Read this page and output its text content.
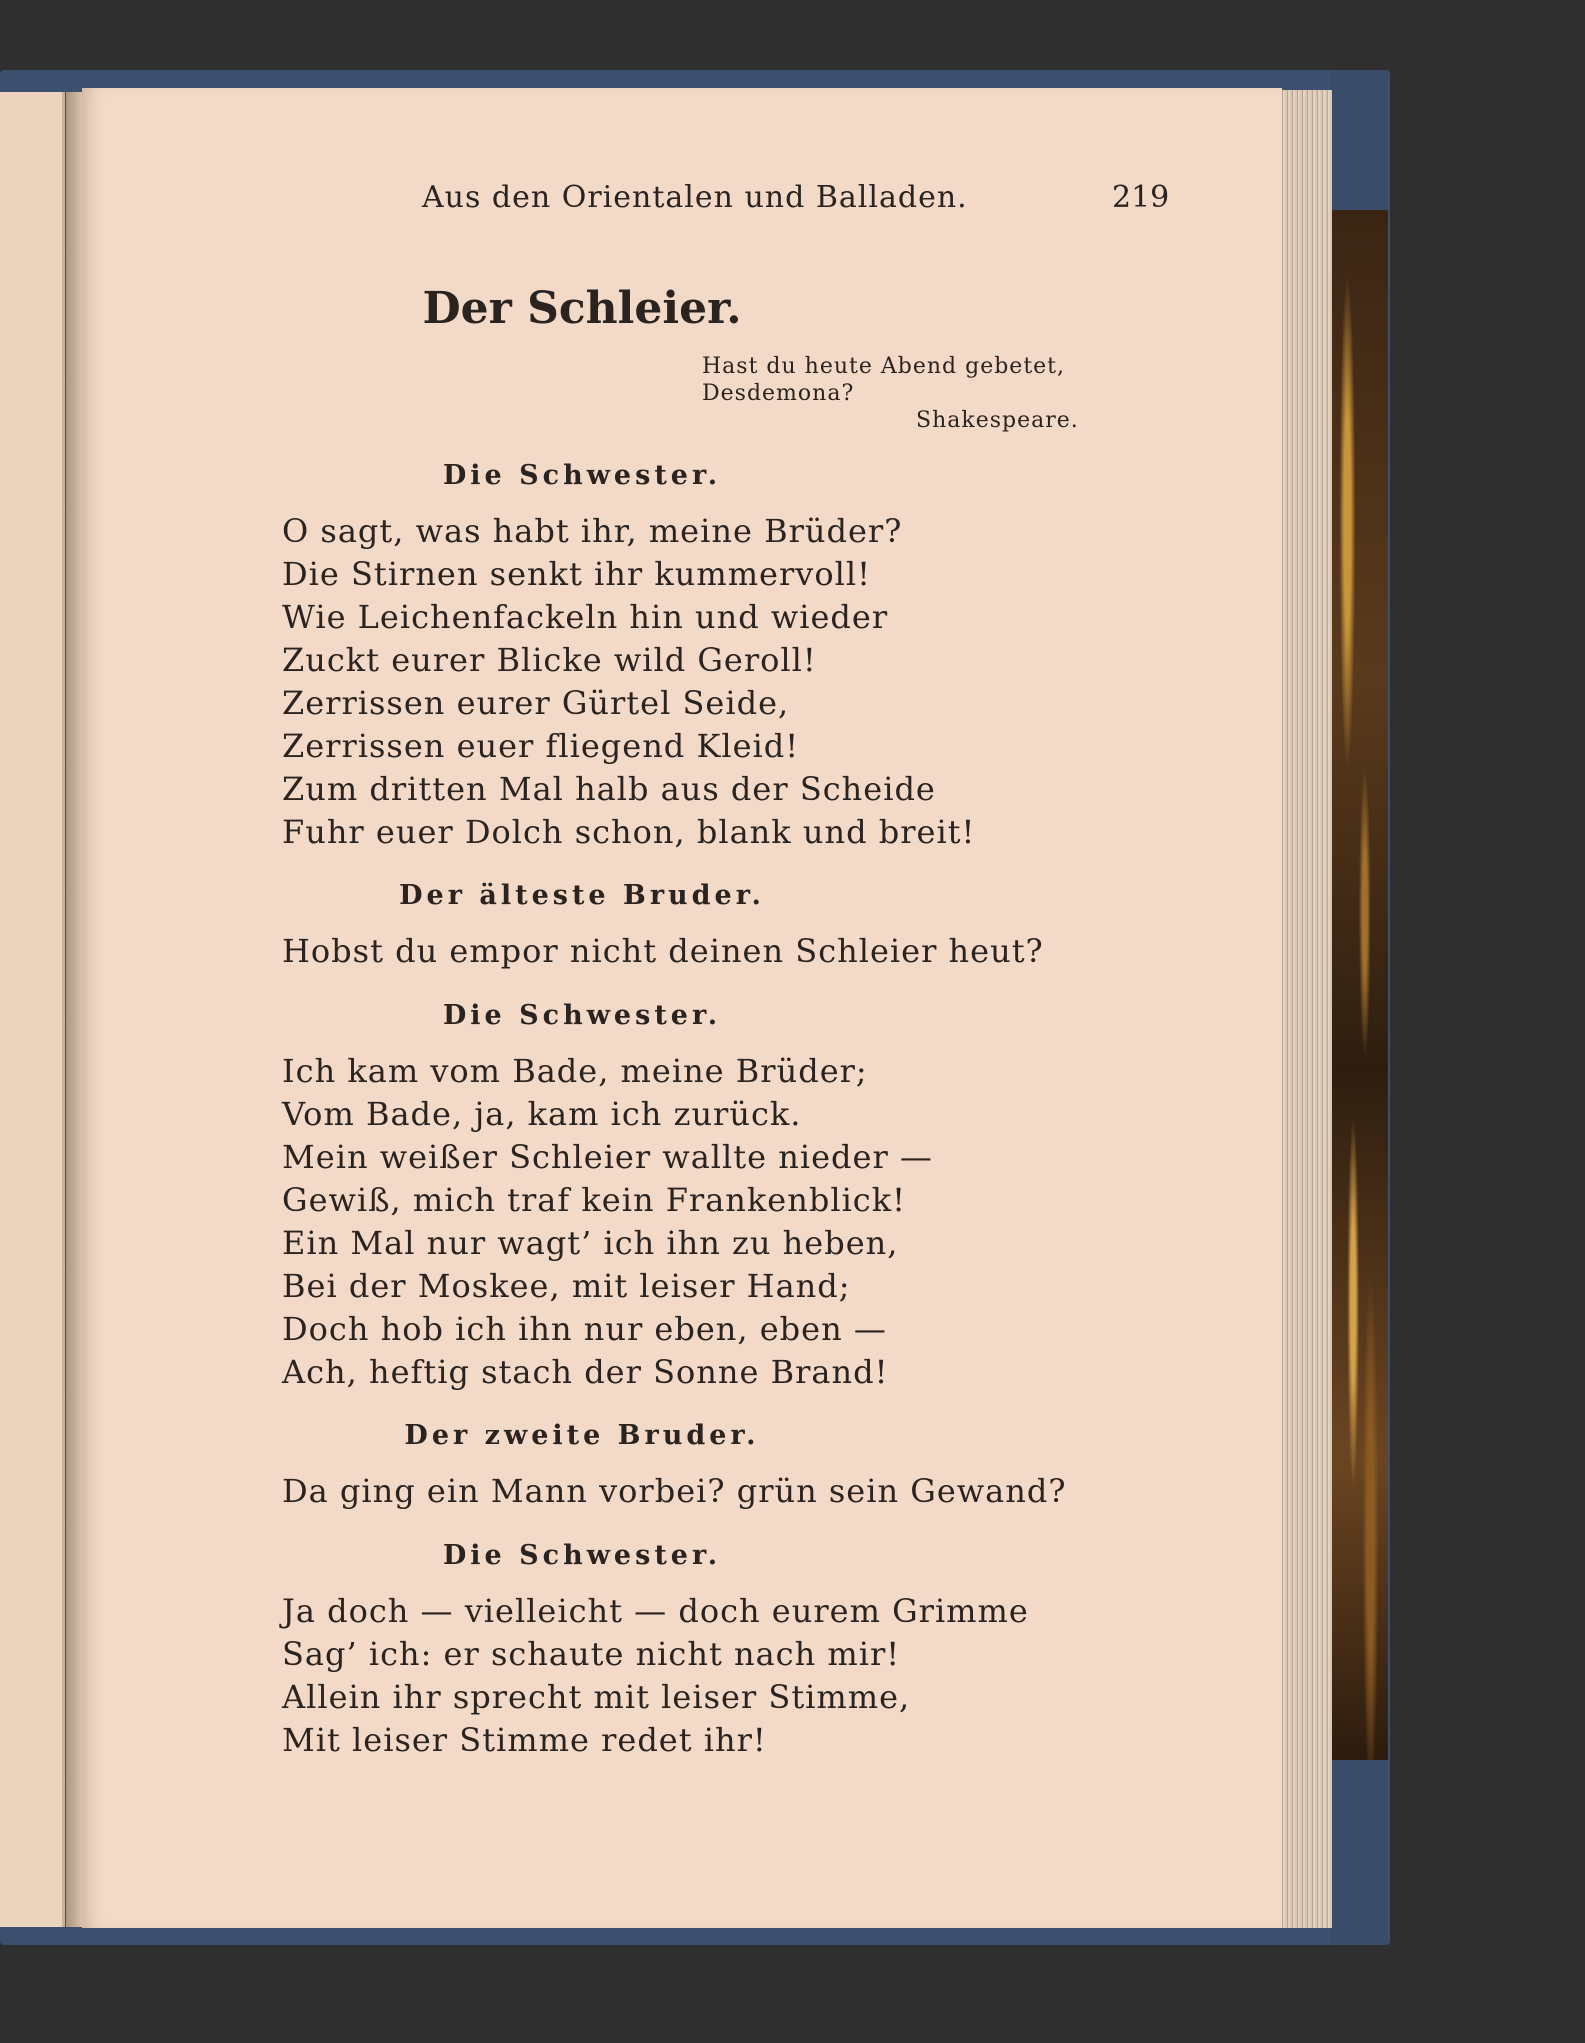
Aus den Orientalen und Balladen.	219
Der Schleier.
Hast du heute Abend gebetet,
Desdemona?
Shakespeare.
Die Schwester.
O sagt, was habt ihr, meine Brüder?
Die Stirnen senkt ihr kummervoll!
Wie Leichenfackeln hin und wieder
Zuckt eurer Blicke wild Geroll!
Zerrissen eurer Gürtel Seide,
Zerrissen euer fliegend Kleid!
Zum dritten Mal halb aus der Scheide
Fuhr euer Dolch schon, blank und breit!
Der älteste Bruder.
Hobst du empor nicht deinen Schleier heut?
Die Schwester.
Ich kam vom Bade, meine Brüder;
Vom Bade, ja, kam ich zurück.
Mein weißer Schleier wallte nieder —
Gewiß, mich traf kein Frankenblick!
Ein Mal nur wagt’ ich ihn zu heben,
Bei der Moskee, mit leiser Hand;
Doch hob ich ihn nur eben, eben —
Ach, heftig stach der Sonne Brand!
Der zweite Bruder.
Da ging ein Mann vorbei? grün sein Gewand?
Die Schwester.
Ja doch — vielleicht — doch eurem Grimme
Sag’ ich: er schaute nicht nach mir!
Allein ihr sprecht mit leiser Stimme,
Mit leiser Stimme redet ihr!
